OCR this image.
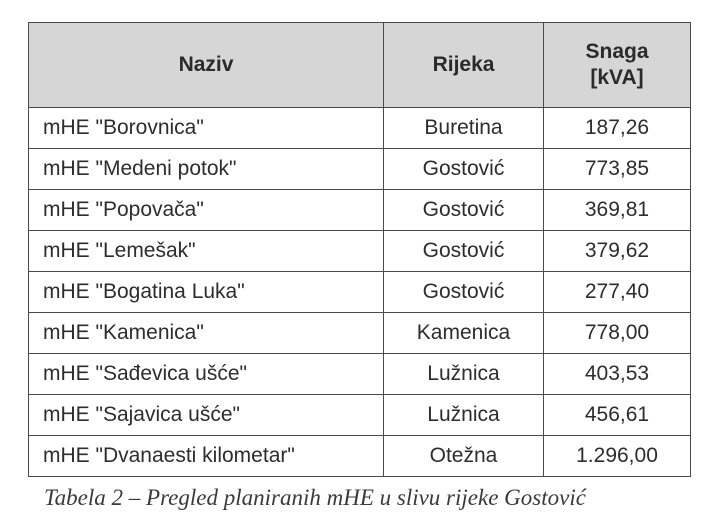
Naziv	Rijeka	Snaga
[kVA]

mHE "Borovnica"	Buretina	187,26
mHE "Medeni potok"	Gostović	773,85
mHE "Popovača"	Gostović	369,81
mHE "Lemešak"	Gostović	379,62
mHE "Bogatina Luka"	Gostović	277,40
mHE "Kamenica"	Kamenica	778,00
mHE "Sađevica ušće"	Lužnica	403,53
mHE "Sajavica ušće"	Lužnica	456,61
mHE "Dvanaesti kilometar"	Otežna	1.296,00
Tabela 2 – Pregled planiranih mHE u slivu rijeke Gostović
